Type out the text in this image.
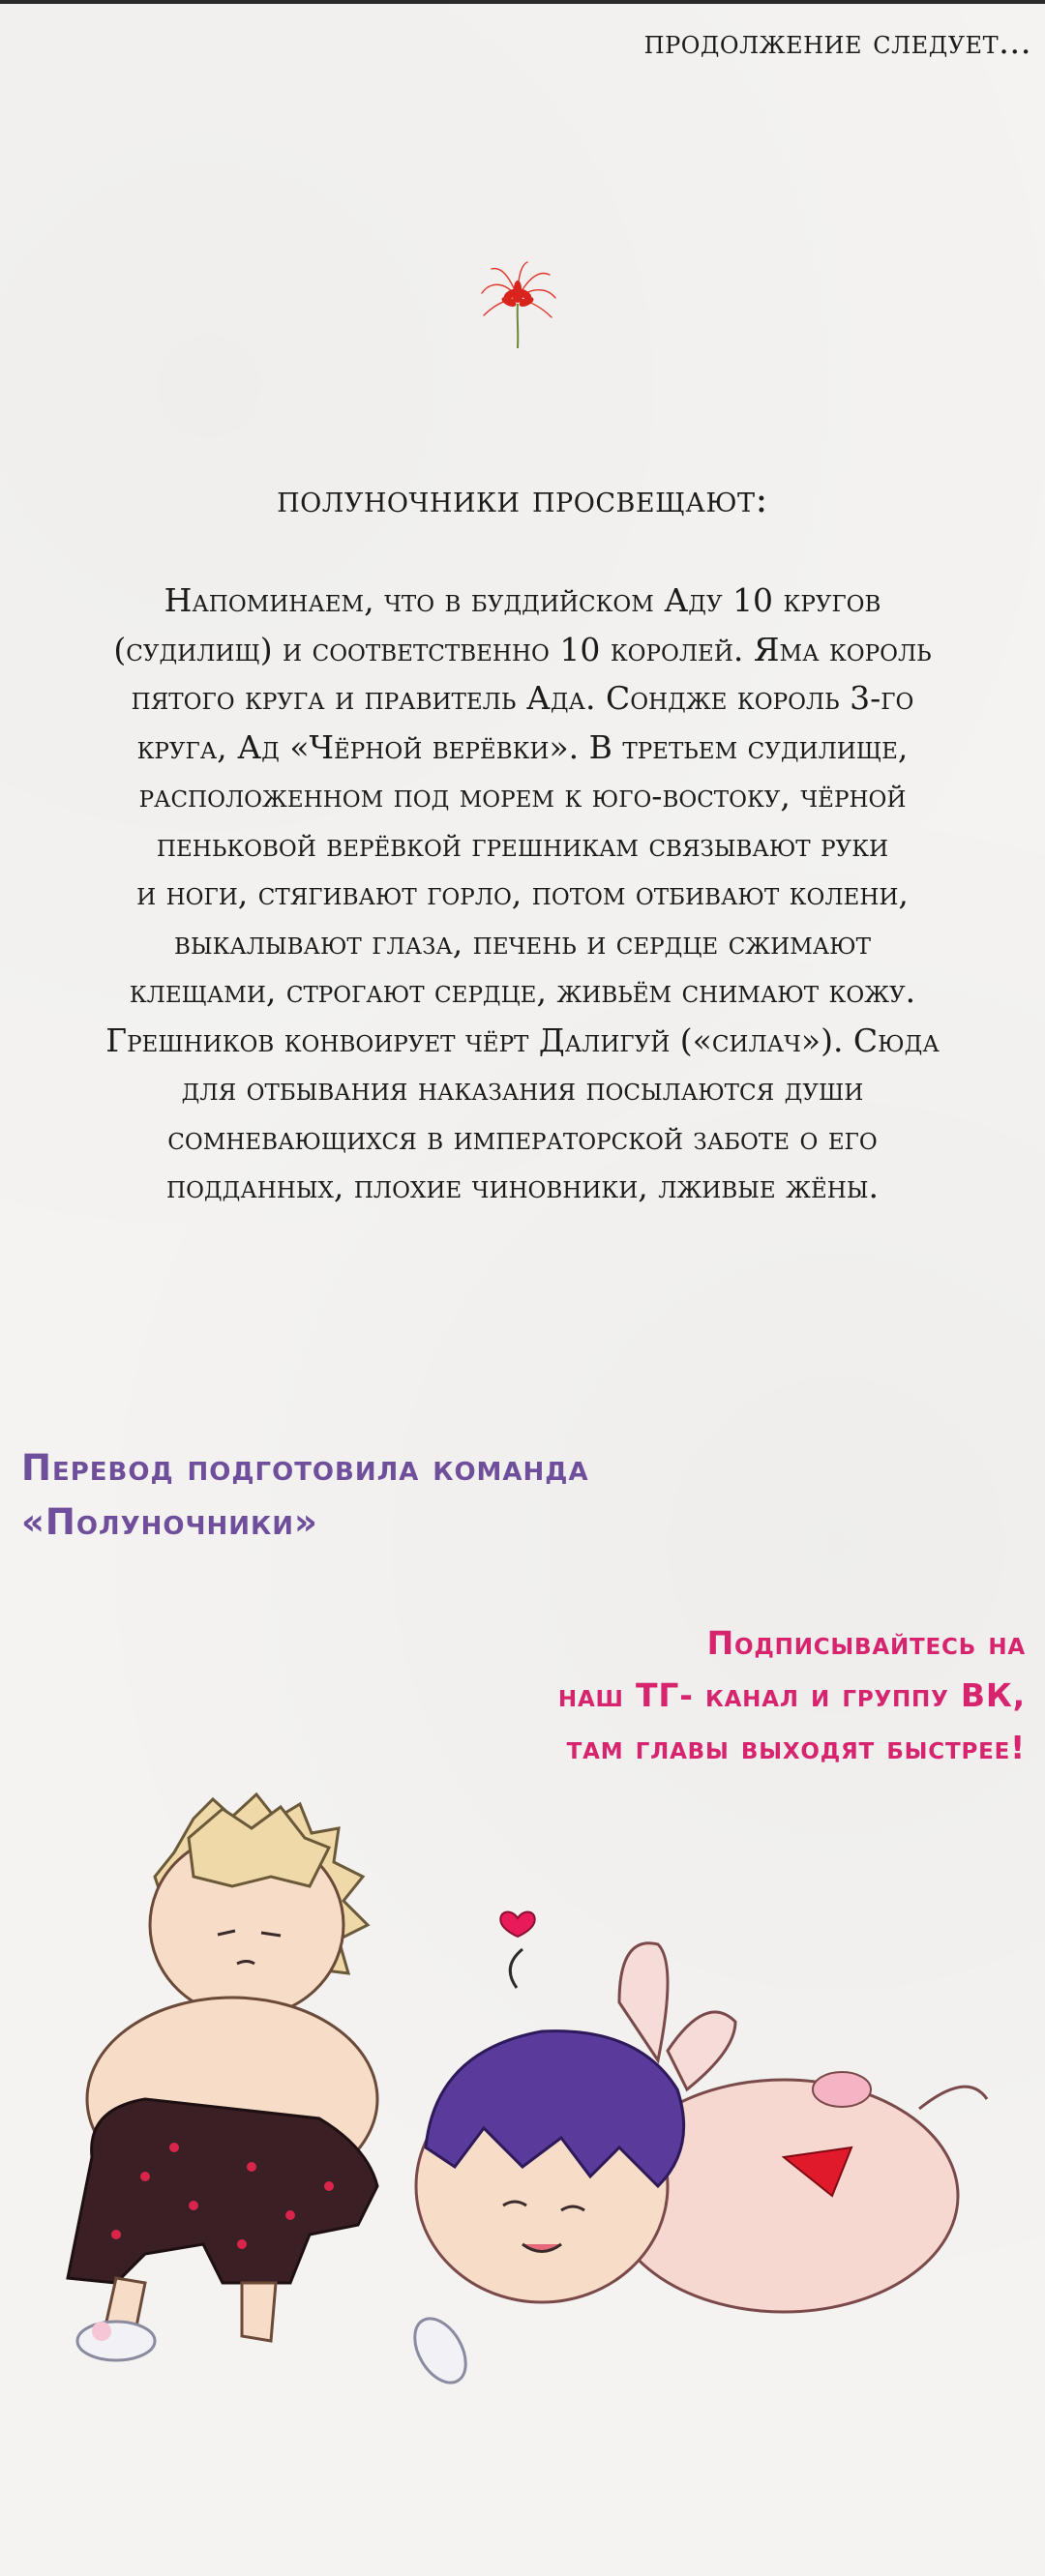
продолжение следует...
полуночники просвещают:
Напоминаем, что в буддийском Аду 10 кругов
(судилищ) и соответственно 10 королей. Яма король
пятого круга и правитель Ада. Сондже король 3-го
круга, Ад «Чёрной верёвки». В третьем судилище,
расположенном под морем к юго-востоку, чёрной
пеньковой верёвкой грешникам связывают руки
и ноги, стягивают горло, потом отбивают колени,
выкалывают глаза, печень и сердце сжимают
клещами, строгают сердце, живьём снимают кожу.
Грешников конвоирует чёрт Далигуй («силач»). Сюда
для отбывания наказания посылаются души
сомневающихся в императорской заботе о его
подданных, плохие чиновники, лживые жёны.
Перевод подготовила команда
«Полуночники»
Подписывайтесь на
наш ТГ- канал и группу ВК,
там главы выходят быстрее!
